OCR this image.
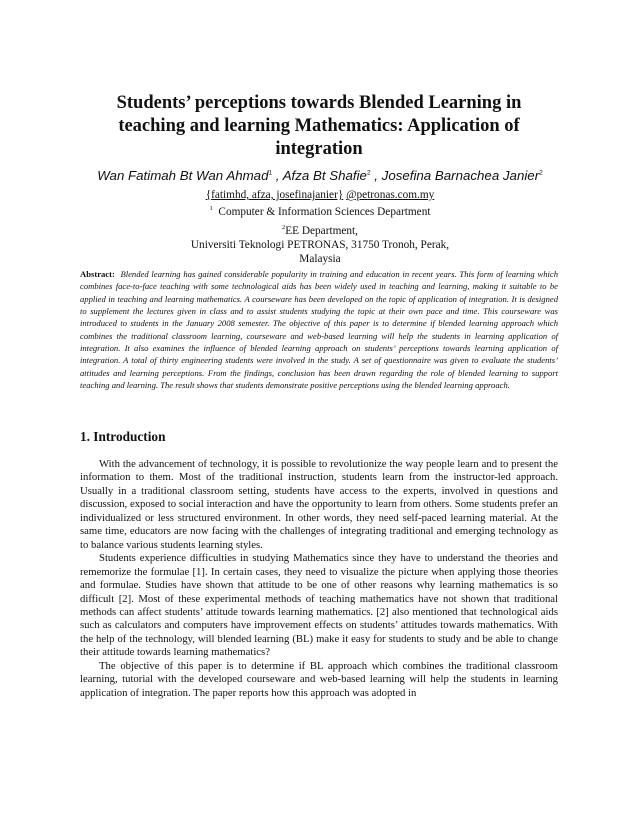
Students’ perceptions towards Blended Learning in teaching and learning Mathematics: Application of integration

Wan Fatimah Bt Wan Ahmad$^1$ , Afza Bt Shafie$^2$ , Josefina Barnachea Janier$^2$

{fatimhd, afza, josefinajanier} @petronas.com.my

$^1$ Computer & Information Sciences Department

$^2$EE Department,

Universiti Teknologi PETRONAS, 31750 Tronoh, Perak,

Malaysia

Abstract: Blended learning has gained considerable popularity in training and education in recent years. This form of learning which combines face-to-face teaching with some technological aids has been widely used in teaching and learning, making it suitable to be applied in teaching and learning mathematics. A courseware has been developed on the topic of application of integration. It is designed to supplement the lectures given in class and to assist students studying the topic at their own pace and time. This courseware was introduced to students in the January 2008 semester. The objective of this paper is to determine if blended learning approach which combines the traditional classroom learning, courseware and web-based learning will help the students in learning application of integration. It also examines the influence of blended learning approach on students’ perceptions towards learning application of integration. A total of thirty engineering students were involved in the study. A set of questionnaire was given to evaluate the students’ attitudes and learning perceptions. From the findings, conclusion has been drawn regarding the role of blended learning to support teaching and learning. The result shows that students demonstrate positive perceptions using the blended learning approach.

1. Introduction

With the advancement of technology, it is possible to revolutionize the way people learn and to present the information to them. Most of the traditional instruction, students learn from the instructor-led approach. Usually in a traditional classroom setting, students have access to the experts, involved in questions and discussion, exposed to social interaction and have the opportunity to learn from others. Some students prefer an individualized or less structured environment. In other words, they need self-paced learning material. At the same time, educators are now facing with the challenges of integrating traditional and emerging technology as to balance various students learning styles.

Students experience difficulties in studying Mathematics since they have to understand the theories and rememorize the formulae [1]. In certain cases, they need to visualize the picture when applying those theories and formulae. Studies have shown that attitude to be one of other reasons why learning mathematics is so difficult [2]. Most of these experimental methods of teaching mathematics have not shown that traditional methods can affect students’ attitude towards learning mathematics. [2] also mentioned that technological aids such as calculators and computers have improvement effects on students’ attitudes towards mathematics. With the help of the technology, will blended learning (BL) make it easy for students to study and be able to change their attitude towards learning mathematics?

The objective of this paper is to determine if BL approach which combines the traditional classroom learning, tutorial with the developed courseware and web-based learning will help the students in learning application of integration. The paper reports how this approach was adopted in
